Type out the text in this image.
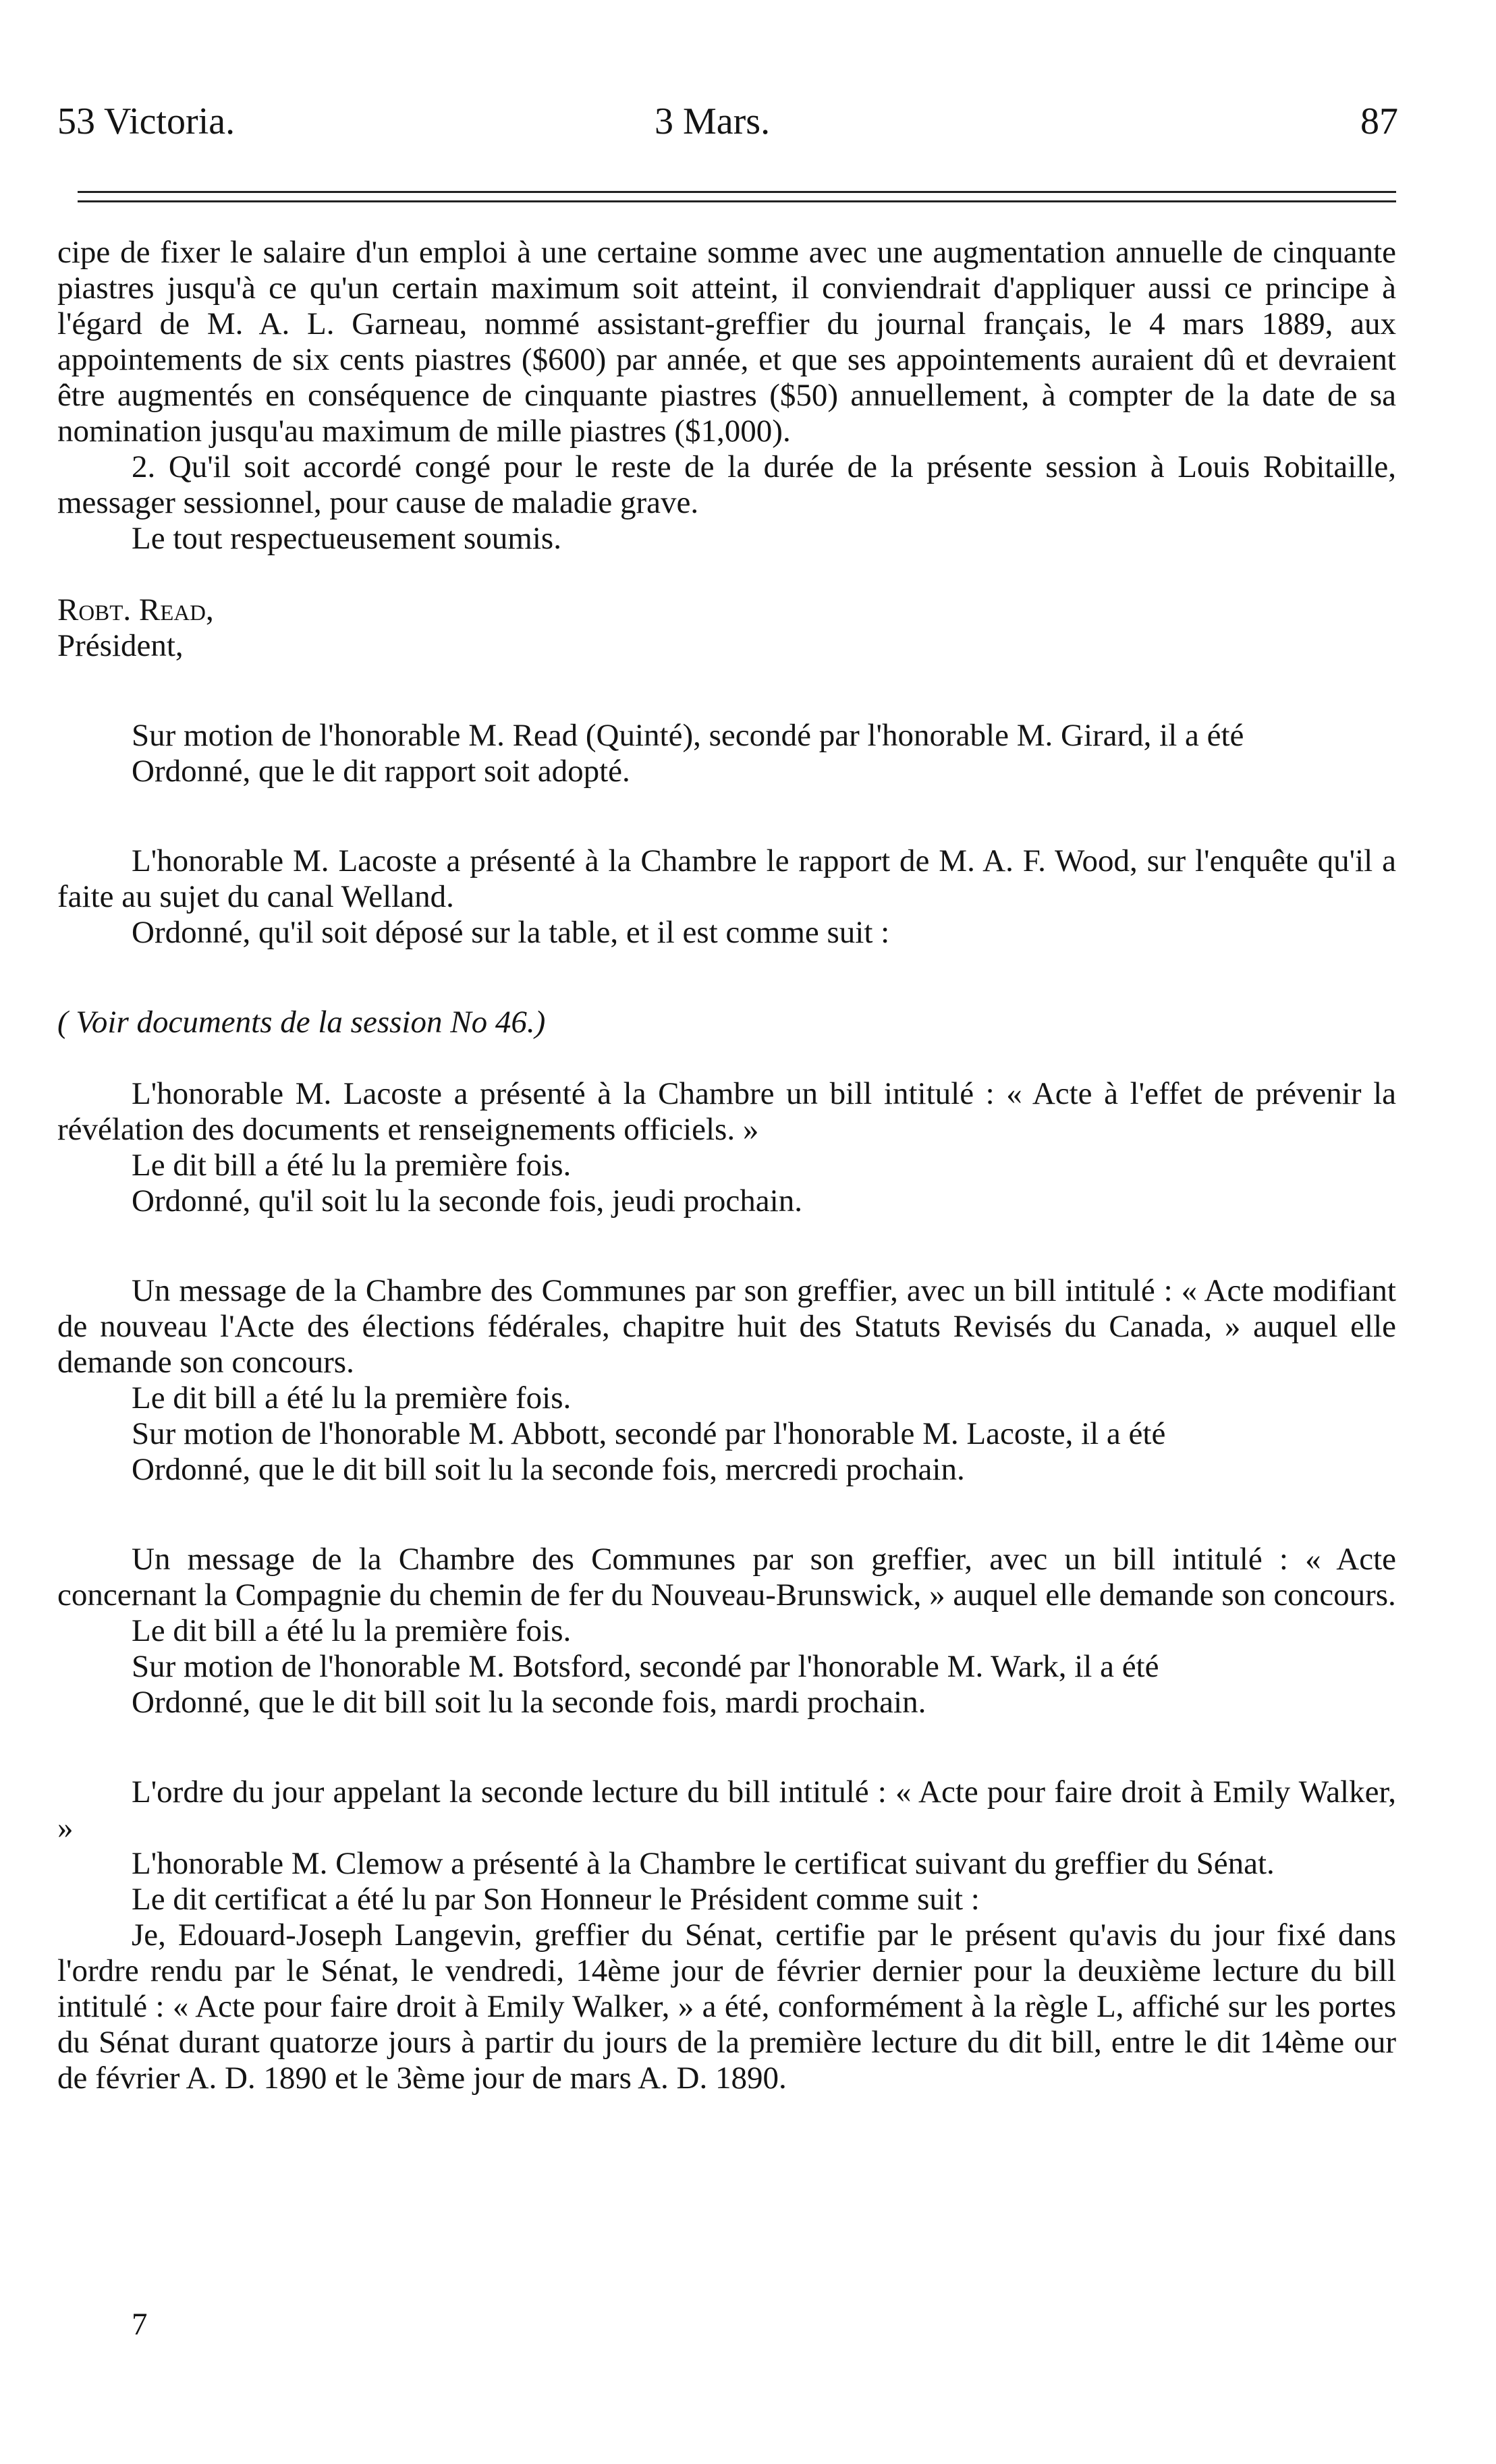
53 Victoria.	3 Mars.	87

cipe de fixer le salaire d'un emploi à une certaine somme avec une augmentation annuelle de cinquante piastres jusqu'à ce qu'un certain maximum soit atteint, il conviendrait d'appliquer aussi ce principe à l'égard de M. A. L. Garneau, nommé assistant-greffier du journal français, le 4 mars 1889, aux appointements de six cents piastres ($600) par année, et que ses appointements auraient dû et devraient être augmentés en conséquence de cinquante piastres ($50) annuellement, à compter de la date de sa nomination jusqu'au maximum de mille piastres ($1,000).

2. Qu'il soit accordé congé pour le reste de la durée de la présente session à Louis Robitaille, messager sessionnel, pour cause de maladie grave.

Le tout respectueusement soumis.

Robt. Read,

Président,

Sur motion de l'honorable M. Read (Quinté), secondé par l'honorable M. Girard, il a été

Ordonné, que le dit rapport soit adopté.

L'honorable M. Lacoste a présenté à la Chambre le rapport de M. A. F. Wood, sur l'enquête qu'il a faite au sujet du canal Welland.

Ordonné, qu'il soit déposé sur la table, et il est comme suit :

( Voir documents de la session No 46.)

L'honorable M. Lacoste a présenté à la Chambre un bill intitulé : « Acte à l'effet de prévenir la révélation des documents et renseignements officiels. »

Le dit bill a été lu la première fois.

Ordonné, qu'il soit lu la seconde fois, jeudi prochain.

Un message de la Chambre des Communes par son greffier, avec un bill intitulé : « Acte modifiant de nouveau l'Acte des élections fédérales, chapitre huit des Statuts Revisés du Canada, » auquel elle demande son concours.

Le dit bill a été lu la première fois.

Sur motion de l'honorable M. Abbott, secondé par l'honorable M. Lacoste, il a été

Ordonné, que le dit bill soit lu la seconde fois, mercredi prochain.

Un message de la Chambre des Communes par son greffier, avec un bill intitulé : « Acte concernant la Compagnie du chemin de fer du Nouveau-Brunswick, » auquel elle demande son concours.

Le dit bill a été lu la première fois.

Sur motion de l'honorable M. Botsford, secondé par l'honorable M. Wark, il a été

Ordonné, que le dit bill soit lu la seconde fois, mardi prochain.

L'ordre du jour appelant la seconde lecture du bill intitulé : « Acte pour faire droit à Emily Walker, »

L'honorable M. Clemow a présenté à la Chambre le certificat suivant du greffier du Sénat.

Le dit certificat a été lu par Son Honneur le Président comme suit :

Je, Edouard-Joseph Langevin, greffier du Sénat, certifie par le présent qu'avis du jour fixé dans l'ordre rendu par le Sénat, le vendredi, 14ème jour de février dernier pour la deuxième lecture du bill intitulé : « Acte pour faire droit à Emily Walker, » a été, conformément à la règle L, affiché sur les portes du Sénat durant quatorze jours à partir du jours de la première lecture du dit bill, entre le dit 14ème our de février A. D. 1890 et le 3ème jour de mars A. D. 1890.

7
